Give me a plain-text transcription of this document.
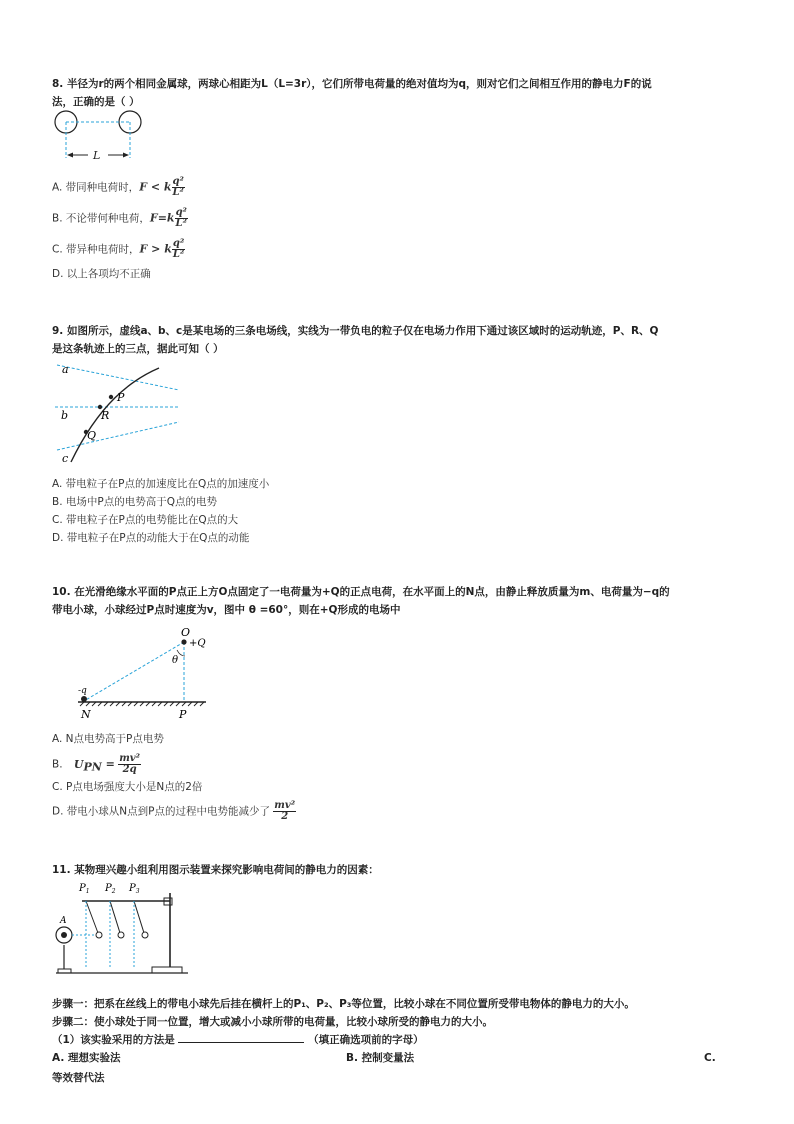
8. 半径为r的两个相同金属球，两球心相距为L（L=3r），它们所带电荷量的绝对值均为q，则对它们之间相互作用的静电力F的说
法，正确的是（ ）
L
A. 带同种电荷时，F < k $\frac{\text{q²}}{\text{L²}}$
B. 不论带何种电荷，$F=k \frac{\text{q²}}{\text{L²}}$
C. 带异种电荷时，F > k $\frac{\text{q²}}{\text{L²}}$
D. 以上各项均不正确
9. 如图所示，虚线a、b、c是某电场的三条电场线，实线为一带负电的粒子仅在电场力作用下通过该区域时的运动轨迹，P、R、Q
是这条轨迹上的三点，据此可知（ ）
a
b
c
P
R
Q
A. 带电粒子在P点的加速度比在Q点的加速度小
B. 电场中P点的电势高于Q点的电势
C. 带电粒子在P点的电势能比在Q点的大
D. 带电粒子在P点的动能大于在Q点的动能
10. 在光滑绝缘水平面的P点正上方O点固定了一电荷量为+Q的正点电荷，在水平面上的N点，由静止释放质量为m、电荷量为−q的
带电小球，小球经过P点时速度为v，图中 θ =60°，则在+Q形成的电场中
O
+Q
θ
-q
N	P
A. N点电势高于P点电势
B. $U_{PN} = \frac{\text{mv²}}{2q}$
C. P点电场强度大小是N点的2倍
D. 带电小球从N点到P点的过程中电势能减少了 $\frac{\text{mv²}}{2}$
11. 某物理兴趣小组利用图示装置来探究影响电荷间的静电力的因素：
$P_1$ $P_2$ $P_3$
A
步骤一：把系在丝线上的带电小球先后挂在横杆上的P₁、P₂、P₃等位置，比较小球在不同位置所受带电物体的静电力的大小。
步骤二：使小球处于同一位置，增大或减小小球所带的电荷量，比较小球所受的静电力的大小。
（1）该实验采用的方法是	（填正确选项前的字母）
A. 理想实验法	B. 控制变量法	C.
等效替代法
